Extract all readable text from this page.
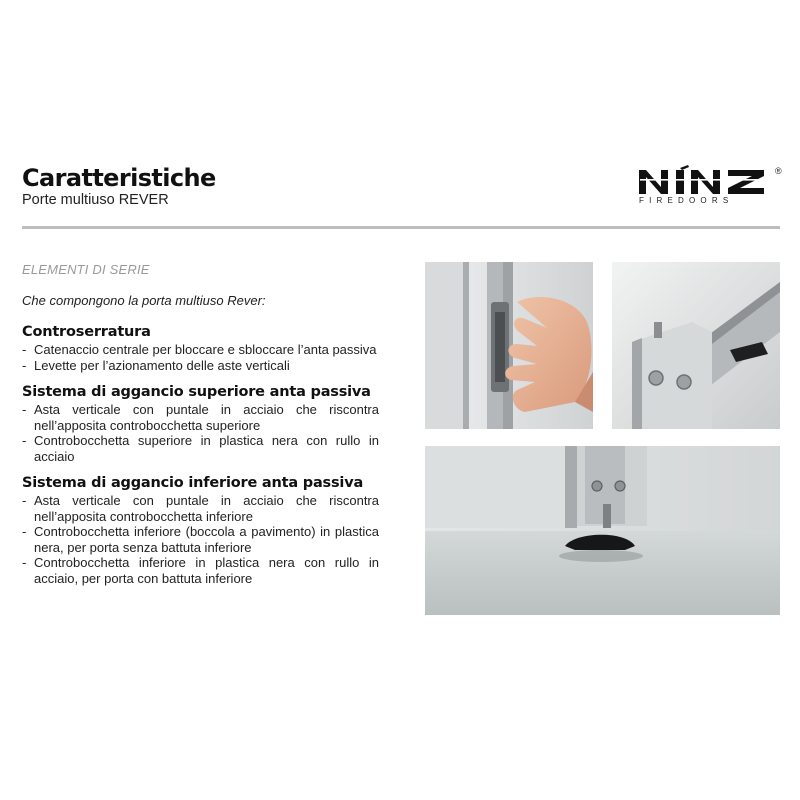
Caratteristiche
Porte multiuso REVER	FIREDOORS
®
ELEMENTI DI SERIE
Che compongono la porta multiuso Rever:
Controserratura
- Catenaccio centrale per bloccare e sbloccare l’anta passiva
- Levette per l’azionamento delle aste verticali
Sistema di aggancio superiore anta passiva
- Asta verticale con puntale in acciaio che riscontra nell’apposita controbocchetta superiore
- Controbocchetta superiore in plastica nera con rullo in acciaio
Sistema di aggancio inferiore anta passiva
- Asta verticale con puntale in acciaio che riscontra nell’apposita controbocchetta inferiore
- Controbocchetta inferiore (boccola a pavimento) in plastica nera, per porta senza battuta inferiore
- Controbocchetta inferiore in plastica nera con rullo in acciaio, per porta con battuta inferiore
